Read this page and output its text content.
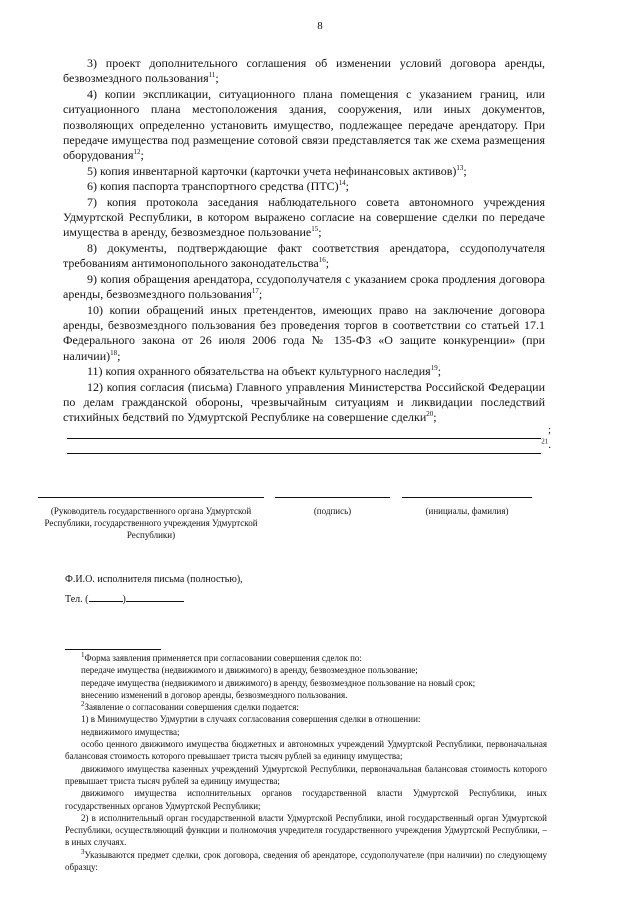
8

3) проект дополнительного соглашения об изменении условий договора аренды, безвозмездного пользования$^{11}$;

4) копии экспликации, ситуационного плана помещения с указанием границ, или ситуационного плана местоположения здания, сооружения, или иных документов, позволяющих определенно установить имущество, подлежащее передаче арендатору. При передаче имущества под размещение сотовой связи представляется так же схема размещения оборудования$^{12}$;

5) копия инвентарной карточки (карточки учета нефинансовых активов)$^{13}$;

6) копия паспорта транспортного средства (ПТС)$^{14}$;

7) копия протокола заседания наблюдательного совета автономного учреждения Удмуртской Республики, в котором выражено согласие на совершение сделки по передаче имущества в аренду, безвозмездное пользование$^{15}$;

8) документы, подтверждающие факт соответствия арендатора, ссудополучателя требованиям антимонопольного законодательства$^{16}$;

9) копия обращения арендатора, ссудополучателя с указанием срока продления договора аренды, безвозмездного пользования$^{17}$;

10) копии обращений иных претендентов, имеющих право на заключение договора аренды, безвозмездного пользования без проведения торгов в соответствии со статьей 17.1 Федерального закона от 26 июля 2006 года № 135-ФЗ «О защите конкуренции» (при наличии)$^{18}$;

11) копия охранного обязательства на объект культурного наследия$^{19}$;

12) копия согласия (письма) Главного управления Министерства Российской Федерации по делам гражданской обороны, чрезвычайным ситуациям и ликвидации последствий стихийных бедствий по Удмуртской Республике на совершение сделки$^{20}$;

;
$^{21}$.
(Руководитель государственного органа Удмуртской Республики, государственного учреждения Удмуртской Республики)
(подпись)	(инициалы, фамилия)
Ф.И.О. исполнителя письма (полностью),
Тел. (	)

$^1$Форма заявления применяется при согласовании совершения сделок по:

передаче имущества (недвижимого и движимого) в аренду, безвозмездное пользование;

передаче имущества (недвижимого и движимого) в аренду, безвозмездное пользование на новый срок;

внесению изменений в договор аренды, безвозмездного пользования.

$^2$Заявление о согласовании совершения сделки подается:

1) в Минимущество Удмуртии в случаях согласования совершения сделки в отношении:

недвижимого имущества;

особо ценного движимого имущества бюджетных и автономных учреждений Удмуртской Республики, первоначальная балансовая стоимость которого превышает триста тысяч рублей за единицу имущества;

движимого имущества казенных учреждений Удмуртской Республики, первоначальная балансовая стоимость которого превышает триста тысяч рублей за единицу имущества;

движимого имущества исполнительных органов государственной власти Удмуртской Республики, иных государственных органов Удмуртской Республики;

2) в исполнительный орган государственной власти Удмуртской Республики, иной государственный орган Удмуртской Республики, осуществляющий функции и полномочия учредителя государственного учреждения Удмуртской Республики, – в иных случаях.

$^3$Указываются предмет сделки, срок договора, сведения об арендаторе, ссудополучателе (при наличии) по следующему образцу:
